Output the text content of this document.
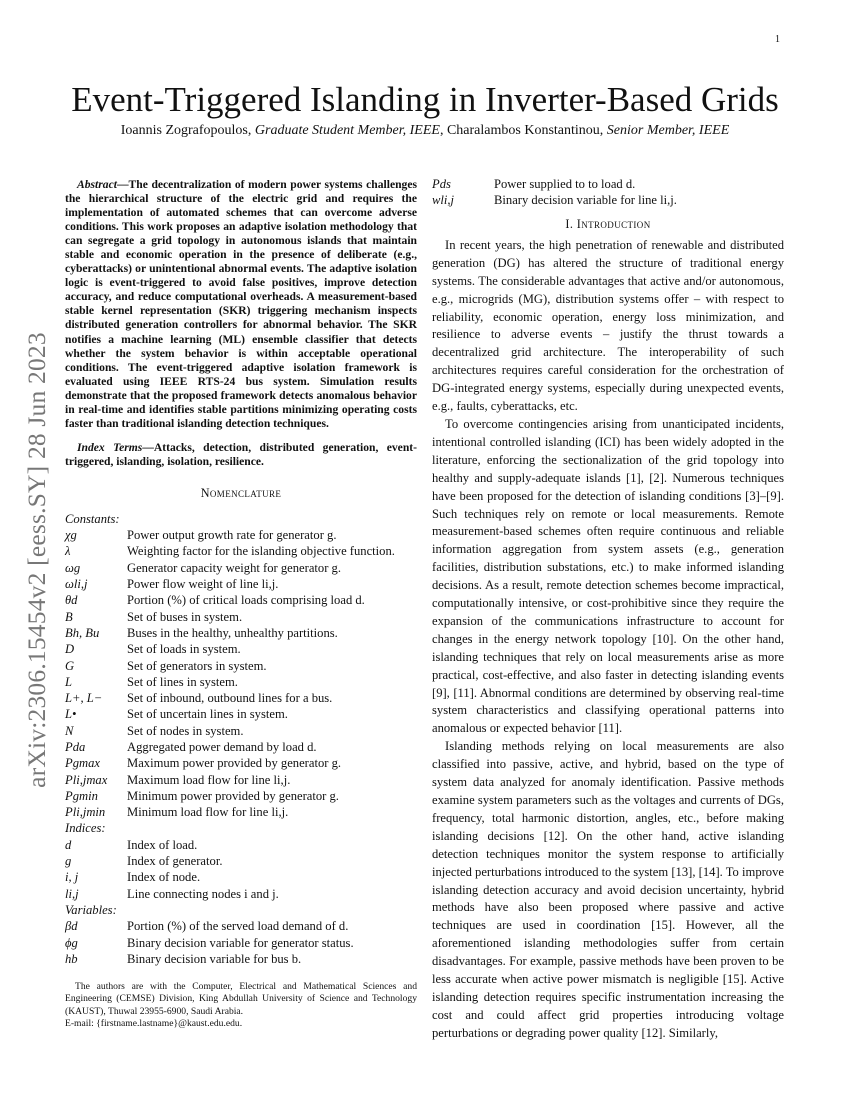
1
arXiv:2306.15454v2 [eess.SY] 28 Jun 2023
Event-Triggered Islanding in Inverter-Based Grids
Ioannis Zografopoulos, Graduate Student Member, IEEE, Charalambos Konstantinou, Senior Member, IEEE

Abstract—The decentralization of modern power systems challenges the hierarchical structure of the electric grid and requires the implementation of automated schemes that can overcome adverse conditions. This work proposes an adaptive isolation methodology that can segregate a grid topology in autonomous islands that maintain stable and economic operation in the presence of deliberate (e.g., cyberattacks) or unintentional abnormal events. The adaptive isolation logic is event-triggered to avoid false positives, improve detection accuracy, and reduce computational overheads. A measurement-based stable kernel representation (SKR) triggering mechanism inspects distributed generation controllers for abnormal behavior. The SKR notifies a machine learning (ML) ensemble classifier that detects whether the system behavior is within acceptable operational conditions. The event-triggered adaptive isolation framework is evaluated using IEEE RTS-24 bus system. Simulation results demonstrate that the proposed framework detects anomalous behavior in real-time and identifies stable partitions minimizing operating costs faster than traditional islanding detection techniques.

Index Terms—Attacks, detection, distributed generation, event-triggered, islanding, isolation, resilience.

Nomenclature
Constants:
χg	Power output growth rate for generator g.
λ	Weighting factor for the islanding objective function.
ωg	Generator capacity weight for generator g.
ωli,j	Power flow weight of line li,j.
θd	Portion (%) of critical loads comprising load d.
B	Set of buses in system.
Bh, Bu	Buses in the healthy, unhealthy partitions.
D	Set of loads in system.
G	Set of generators in system.
L	Set of lines in system.
L+, L−	Set of inbound, outbound lines for a bus.
L•	Set of uncertain lines in system.
N	Set of nodes in system.
Pda	Aggregated power demand by load d.
Pgmax	Maximum power provided by generator g.
Pli,jmax	Maximum load flow for line li,j.
Pgmin	Minimum power provided by generator g.
Pli,jmin	Minimum load flow for line li,j.
Indices:
d	Index of load.
g	Index of generator.
i, j	Index of node.
li,j	Line connecting nodes i and j.
Variables:
βd	Portion (%) of the served load demand of d.
ϕg	Binary decision variable for generator status.
hb	Binary decision variable for bus b.
The authors are with the Computer, Electrical and Mathematical Sciences and Engineering (CEMSE) Division, King Abdullah University of Science and Technology (KAUST), Thuwal 23955-6900, Saudi Arabia.
E-mail: {firstname.lastname}@kaust.edu.edu.
Pds	Power supplied to to load d.
wli,j	Binary decision variable for line li,j.
I. Introduction

In recent years, the high penetration of renewable and distributed generation (DG) has altered the structure of traditional energy systems. The considerable advantages that active and/or autonomous, e.g., microgrids (MG), distribution systems offer – with respect to reliability, economic operation, energy loss minimization, and resilience to adverse events – justify the thrust towards a decentralized grid architecture. The interoperability of such architectures requires careful consideration for the orchestration of DG-integrated energy systems, especially during unexpected events, e.g., faults, cyberattacks, etc.

To overcome contingencies arising from unanticipated incidents, intentional controlled islanding (ICI) has been widely adopted in the literature, enforcing the sectionalization of the grid topology into healthy and supply-adequate islands [1], [2]. Numerous techniques have been proposed for the detection of islanding conditions [3]–[9]. Such techniques rely on remote or local measurements. Remote measurement-based schemes often require continuous and reliable information aggregation from system assets (e.g., generation facilities, distribution substations, etc.) to make informed islanding decisions. As a result, remote detection schemes become impractical, computationally intensive, or cost-prohibitive since they require the expansion of the communications infrastructure to account for changes in the energy network topology [10]. On the other hand, islanding techniques that rely on local measurements arise as more practical, cost-effective, and also faster in detecting islanding events [9], [11]. Abnormal conditions are determined by observing real-time system characteristics and classifying operational patterns into anomalous or expected behavior [11].

Islanding methods relying on local measurements are also classified into passive, active, and hybrid, based on the type of system data analyzed for anomaly identification. Passive methods examine system parameters such as the voltages and currents of DGs, frequency, total harmonic distortion, angles, etc., before making islanding decisions [12]. On the other hand, active islanding detection techniques monitor the system response to artificially injected perturbations introduced to the system [13], [14]. To improve islanding detection accuracy and avoid decision uncertainty, hybrid methods have also been proposed where passive and active techniques are used in coordination [15]. However, all the aforementioned islanding methodologies suffer from certain disadvantages. For example, passive methods have been proven to be less accurate when active power mismatch is negligible [15]. Active islanding detection requires specific instrumentation increasing the cost and could affect grid properties introducing voltage perturbations or degrading power quality [12]. Similarly,
